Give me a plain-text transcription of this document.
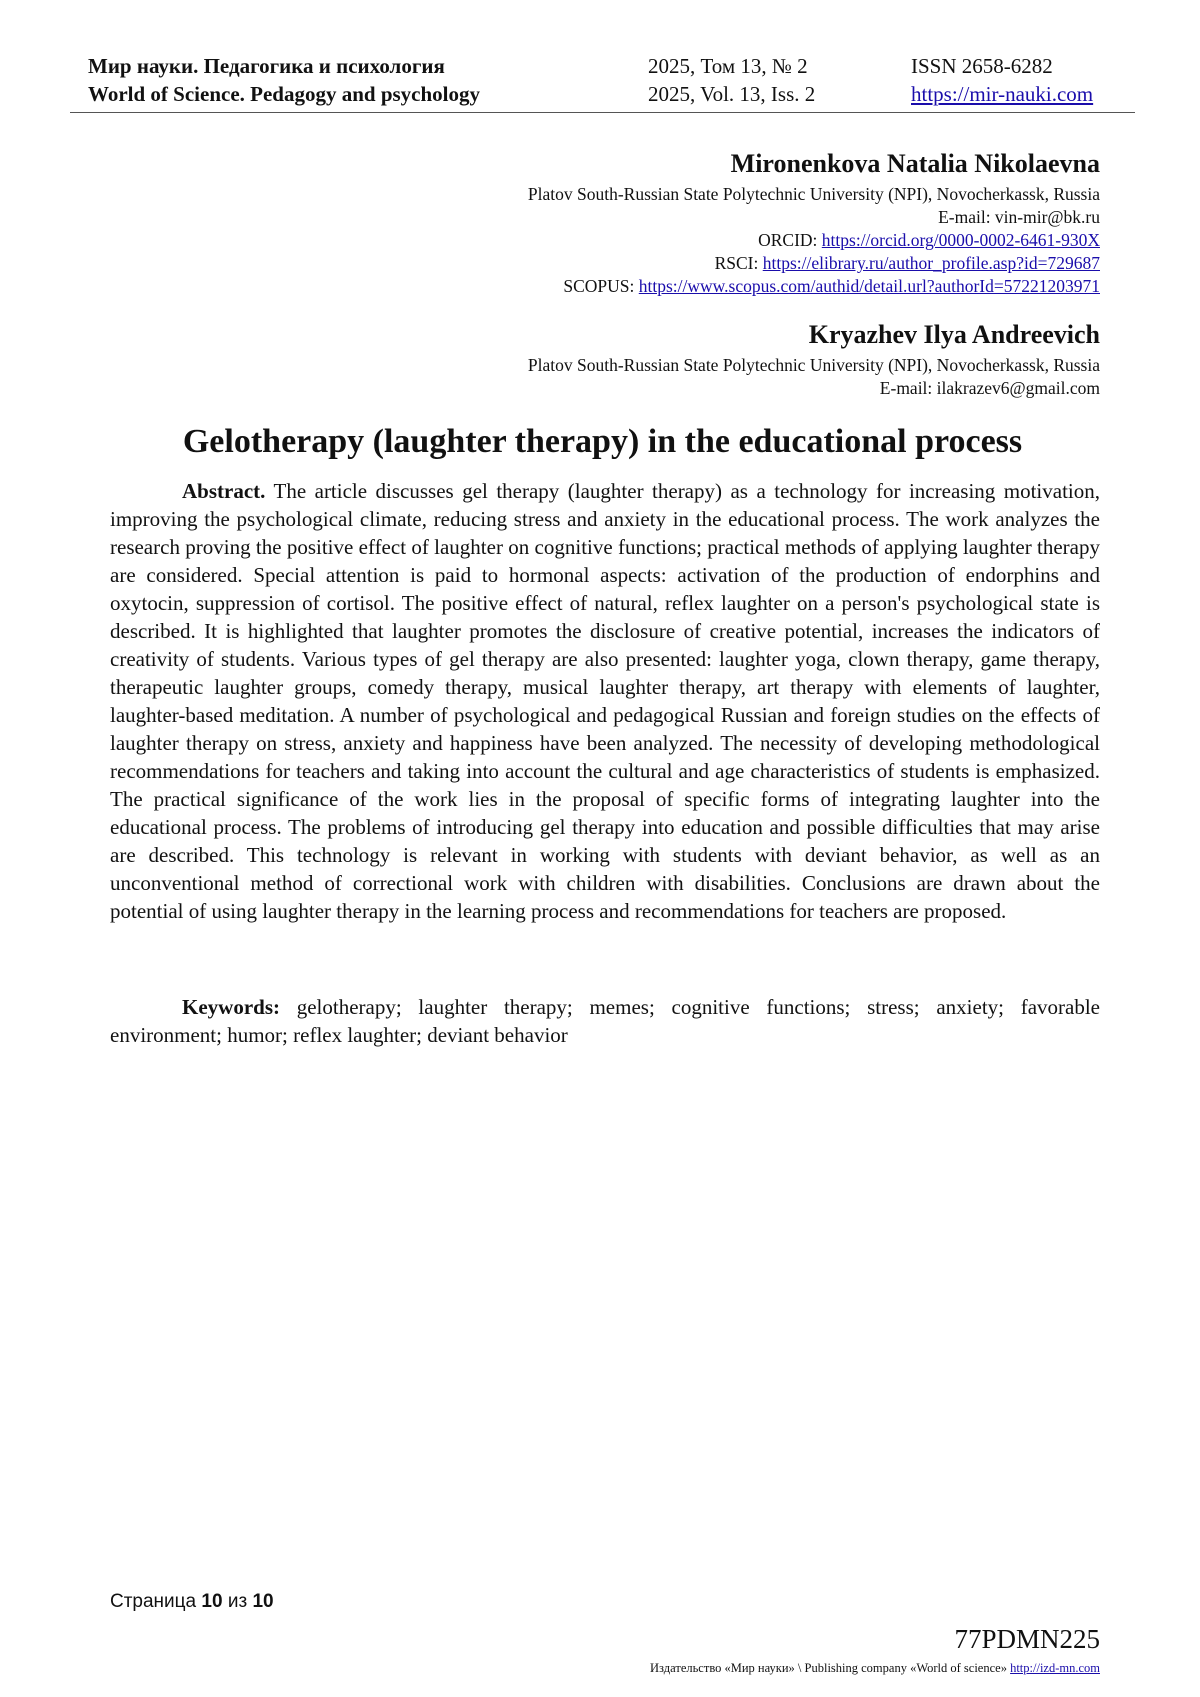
Мир науки. Педагогика и психология
World of Science. Pedagogy and psychology
2025, Том 13, № 2
2025, Vol. 13, Iss. 2
ISSN 2658-6282
https://mir-nauki.com
Mironenkova Natalia Nikolaevna
Platov South-Russian State Polytechnic University (NPI), Novocherkassk, Russia
E-mail: vin-mir@bk.ru
ORCID: https://orcid.org/0000-0002-6461-930X
RSCI: https://elibrary.ru/author_profile.asp?id=729687
SCOPUS: https://www.scopus.com/authid/detail.url?authorId=57221203971
Kryazhev Ilya Andreevich
Platov South-Russian State Polytechnic University (NPI), Novocherkassk, Russia
E-mail: ilakrazev6@gmail.com
Gelotherapy (laughter therapy) in the educational process

Abstract. The article discusses gel therapy (laughter therapy) as a technology for increasing motivation, improving the psychological climate, reducing stress and anxiety in the educational process. The work analyzes the research proving the positive effect of laughter on cognitive functions; practical methods of applying laughter therapy are considered. Special attention is paid to hormonal aspects: activation of the production of endorphins and oxytocin, suppression of cortisol. The positive effect of natural, reflex laughter on a person's psychological state is described. It is highlighted that laughter promotes the disclosure of creative potential, increases the indicators of creativity of students. Various types of gel therapy are also presented: laughter yoga, clown therapy, game therapy, therapeutic laughter groups, comedy therapy, musical laughter therapy, art therapy with elements of laughter, laughter-based meditation. A number of psychological and pedagogical Russian and foreign studies on the effects of laughter therapy on stress, anxiety and happiness have been analyzed. The necessity of developing methodological recommendations for teachers and taking into account the cultural and age characteristics of students is emphasized. The practical significance of the work lies in the proposal of specific forms of integrating laughter into the educational process. The problems of introducing gel therapy into education and possible difficulties that may arise are described. This technology is relevant in working with students with deviant behavior, as well as an unconventional method of correctional work with children with disabilities. Conclusions are drawn about the potential of using laughter therapy in the learning process and recommendations for teachers are proposed.

Keywords: gelotherapy; laughter therapy; memes; cognitive functions; stress; anxiety; favorable environment; humor; reflex laughter; deviant behavior

Страница 10 из 10
77PDMN225
Издательство «Мир науки» \ Publishing company «World of science» http://izd-mn.com
